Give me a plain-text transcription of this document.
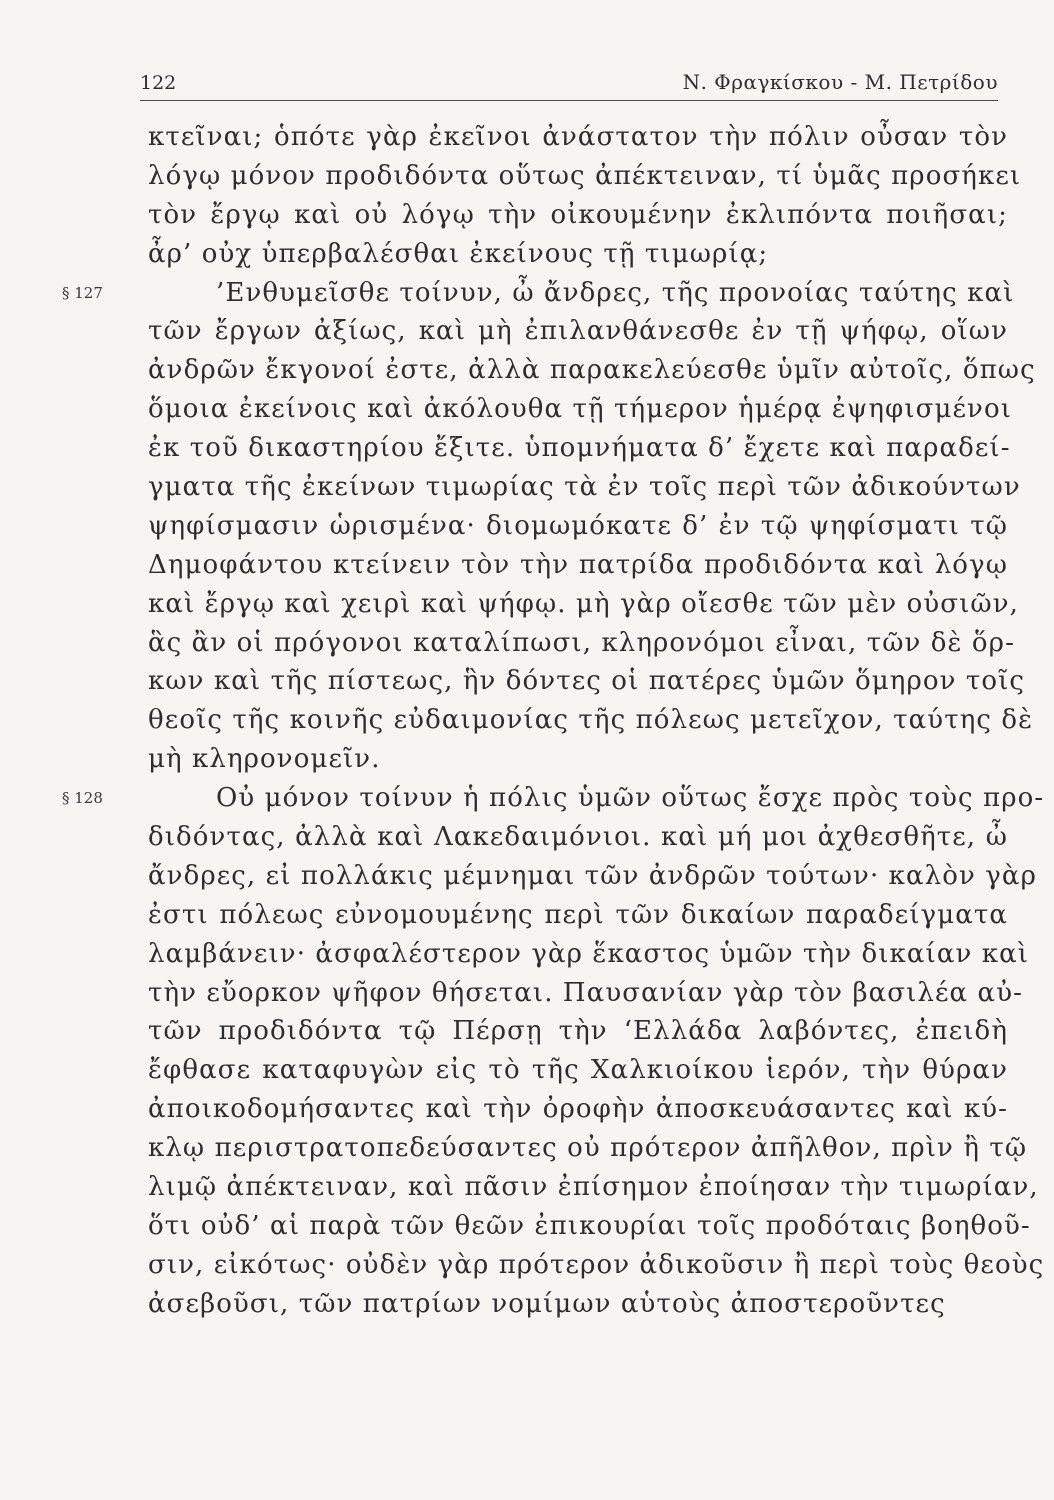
122	Ν. Φραγκίσκου - Μ. Πετρίδου
κτεῖναι; ὁπότε γὰρ ἐκεῖνοι ἀνάστατον τὴν πόλιν οὖσαν τὸν
λόγῳ μόνον προδιδόντα οὕτως ἀπέκτειναν, τί ὑμᾶς προσήκει
τὸν ἔργῳ καὶ οὐ λόγῳ τὴν οἰκουμένην ἐκλιπόντα ποιῆσαι;
ἆρ’ οὐχ ὑπερβαλέσθαι ἐκείνους τῇ τιμωρίᾳ;
§ 127	’Ενθυμεῖσθε τοίνυν, ὦ ἄνδρες, τῆς προνοίας ταύτης καὶ
τῶν ἔργων ἀξίως, καὶ μὴ ἐπιλανθάνεσθε ἐν τῇ ψήφῳ, οἵων
ἀνδρῶν ἔκγονοί ἐστε, ἀλλὰ παρακελεύεσθε ὑμῖν αὐτοῖς, ὅπως
ὅμοια ἐκείνοις καὶ ἀκόλουθα τῇ τήμερον ἡμέρᾳ ἐψηφισμένοι
ἐκ τοῦ δικαστηρίου ἔξιτε. ὑπομνήματα δ’ ἔχετε καὶ παραδεί-
γματα τῆς ἐκείνων τιμωρίας τὰ ἐν τοῖς περὶ τῶν ἀδικούντων
ψηφίσμασιν ὡρισμένα· διομωμόκατε δ’ ἐν τῷ ψηφίσματι τῷ
Δημοφάντου κτείνειν τὸν τὴν πατρίδα προδιδόντα καὶ λόγῳ
καὶ ἔργῳ καὶ χειρὶ καὶ ψήφῳ. μὴ γὰρ οἴεσθε τῶν μὲν οὐσιῶν,
ἃς ἂν οἱ πρόγονοι καταλίπωσι, κληρονόμοι εἶναι, τῶν δὲ ὅρ-
κων καὶ τῆς πίστεως, ἣν δόντες οἱ πατέρες ὑμῶν ὅμηρον τοῖς
θεοῖς τῆς κοινῆς εὐδαιμονίας τῆς πόλεως μετεῖχον, ταύτης δὲ
μὴ κληρονομεῖν.
§ 128	Οὐ μόνον τοίνυν ἡ πόλις ὑμῶν οὕτως ἔσχε πρὸς τοὺς προ-
διδόντας, ἀλλὰ καὶ Λακεδαιμόνιοι. καὶ μή μοι ἀχθεσθῆτε, ὦ
ἄνδρες, εἰ πολλάκις μέμνημαι τῶν ἀνδρῶν τούτων· καλὸν γὰρ
ἐστι πόλεως εὐνομουμένης περὶ τῶν δικαίων παραδείγματα
λαμβάνειν· ἀσφαλέστερον γὰρ ἕκαστος ὑμῶν τὴν δικαίαν καὶ
τὴν εὔορκον ψῆφον θήσεται. Παυσανίαν γὰρ τὸν βασιλέα αὐ-
τῶν προδιδόντα τῷ Πέρσῃ τὴν ‘Ελλάδα λαβόντες, ἐπειδὴ
ἔφθασε καταφυγὼν εἰς τὸ τῆς Χαλκιοίκου ἱερόν, τὴν θύραν
ἀποικοδομήσαντες καὶ τὴν ὀροφὴν ἀποσκευάσαντες καὶ κύ-
κλῳ περιστρατοπεδεύσαντες οὐ πρότερον ἀπῆλθον, πρὶν ἢ τῷ
λιμῷ ἀπέκτειναν, καὶ πᾶσιν ἐπίσημον ἐποίησαν τὴν τιμωρίαν,
ὅτι οὐδ’ αἱ παρὰ τῶν θεῶν ἐπικουρίαι τοῖς προδόταις βοηθοῦ-
σιν, εἰκότως· οὐδὲν γὰρ πρότερον ἀδικοῦσιν ἢ περὶ τοὺς θεοὺς
ἀσεβοῦσι, τῶν πατρίων νομίμων αὑτοὺς ἀποστεροῦντες
